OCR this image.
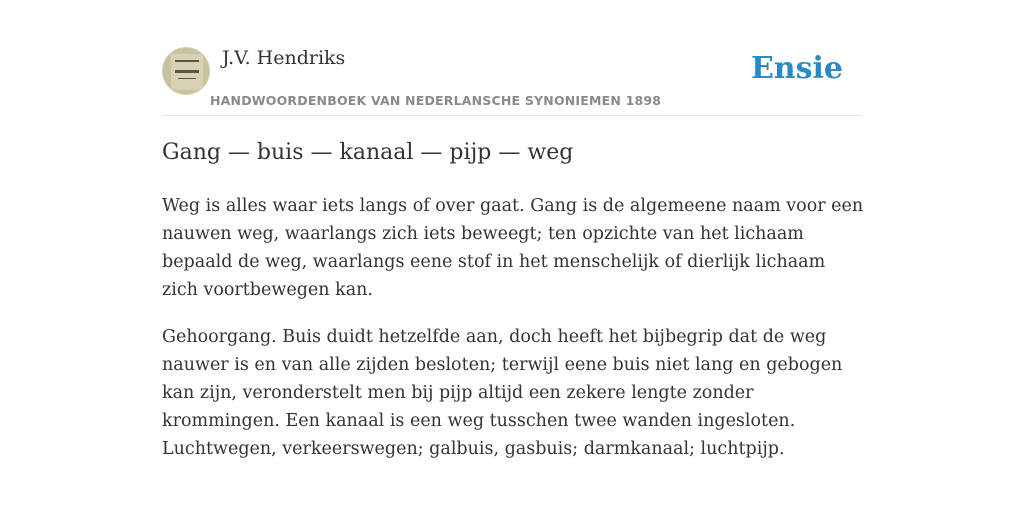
J.V. Hendriks
HANDWOORDENBOEK VAN NEDERLANSCHE SYNONIEMEN 1898
Ensie
Gang — buis — kanaal — pijp — weg

Weg is alles waar iets langs of over gaat. Gang is de algemeene naam voor een nauwen weg, waarlangs zich iets beweegt; ten opzichte van het lichaam bepaald de weg, waarlangs eene stof in het menschelijk of dierlijk lichaam zich voortbewegen kan.

Gehoorgang. Buis duidt hetzelfde aan, doch heeft het bijbegrip dat de weg nauwer is en van alle zijden besloten; terwijl eene buis niet lang en gebogen kan zijn, veronderstelt men bij pijp altijd een zekere lengte zonder krommingen. Een kanaal is een weg tusschen twee wanden ingesloten. Luchtwegen, verkeerswegen; galbuis, gasbuis; darmkanaal; luchtpijp.
